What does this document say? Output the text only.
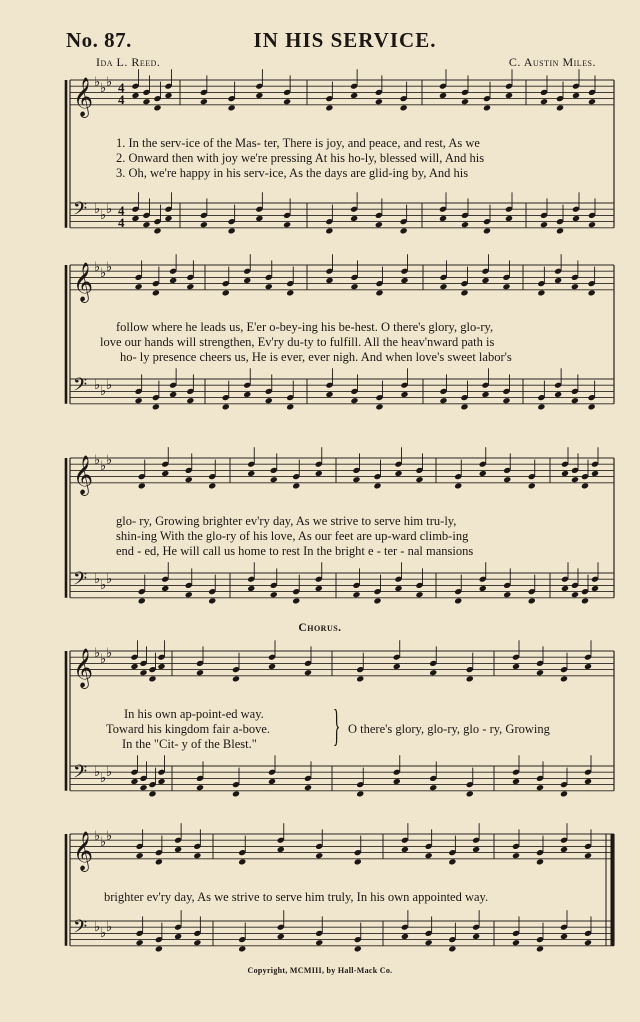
No. 87.	IN HIS SERVICE.
Ida L. Reed.	C. Austin Miles.
𝄞 ♭ ♭ ♭
𝄢 ♭ ♭ ♭
𝄞 ♭ ♭ ♭
𝄢 ♭ ♭ ♭
𝄞 ♭ ♭ ♭
𝄢 ♭ ♭ ♭
𝄞 ♭ ♭ ♭
𝄢 ♭ ♭ ♭
𝄞 ♭ ♭ ♭
𝄢 ♭ ♭ ♭
4
4
4
4
1. In the serv-ice of the Mas- ter, There is joy, and peace, and rest, As we
2. Onward then with joy we're pressing At his ho-ly, blessed will, And his
3. Oh, we're happy in his serv-ice, As the days are glid-ing by, And his
follow where he leads us, E'er o-bey-ing his be-hest. O there's glory, glo-ry,
love our hands will strengthen, Ev'ry du-ty to fulfill. All the heav'nward path is
ho- ly presence cheers us, He is ever, ever nigh. And when love's sweet labor's
glo- ry, Growing brighter ev'ry day, As we strive to serve him tru-ly,
shin-ing With the glo-ry of his love, As our feet are up-ward climb-ing
end - ed, He will call us home to rest In the bright e - ter - nal mansions
Chorus.
In his own ap-point-ed way.
Toward his kingdom fair a-bove.
In the "Cit- y of the Blest." } O there's glory, glo-ry, glo - ry, Growing
brighter ev'ry day, As we strive to serve him truly, In his own appointed way.
Copyright, MCMIII, by Hall-Mack Co.
